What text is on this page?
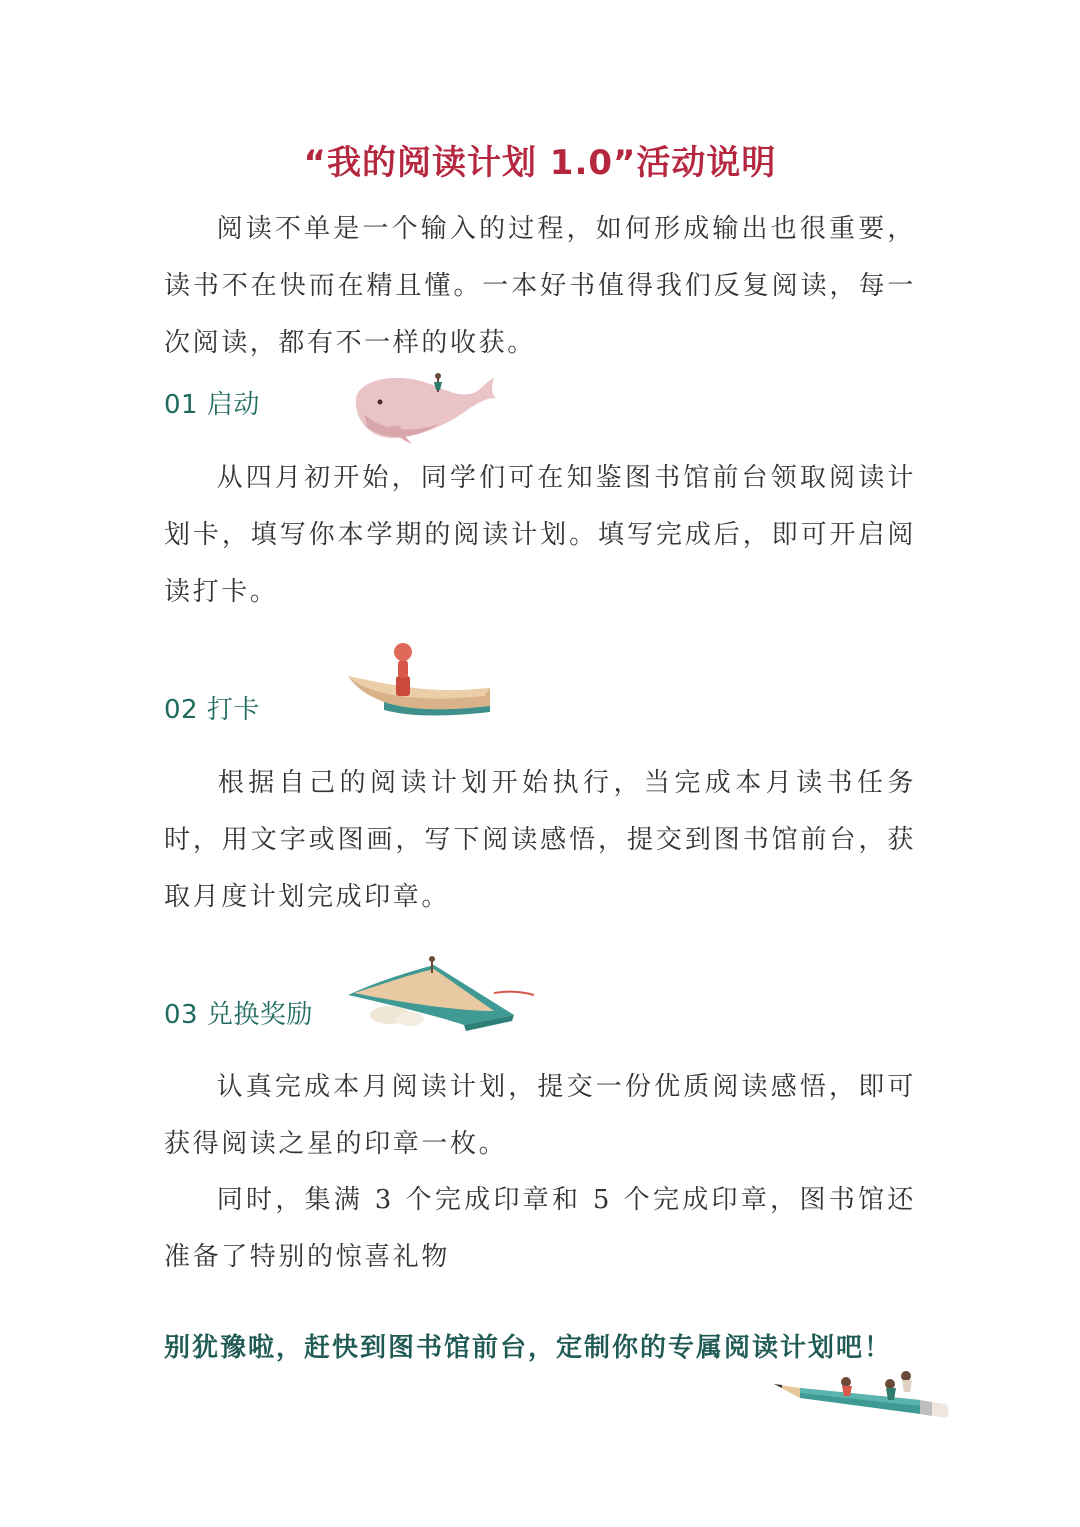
“我的阅读计划 1.0”活动说明
阅读不单是一个输入的过程，如何形成输出也很重要，读书不在快而在精且懂。一本好书值得我们反复阅读，每一次阅读，都有不一样的收获。
01 启动
从四月初开始，同学们可在知鉴图书馆前台领取阅读计划卡，填写你本学期的阅读计划。填写完成后，即可开启阅读打卡。
02 打卡
根据自己的阅读计划开始执行，当完成本月读书任务时，用文字或图画，写下阅读感悟，提交到图书馆前台，获取月度计划完成印章。
03 兑换奖励
认真完成本月阅读计划，提交一份优质阅读感悟，即可获得阅读之星的印章一枚。
同时，集满 3 个完成印章和 5 个完成印章，图书馆还准备了特别的惊喜礼物
别犹豫啦，赶快到图书馆前台，定制你的专属阅读计划吧！
